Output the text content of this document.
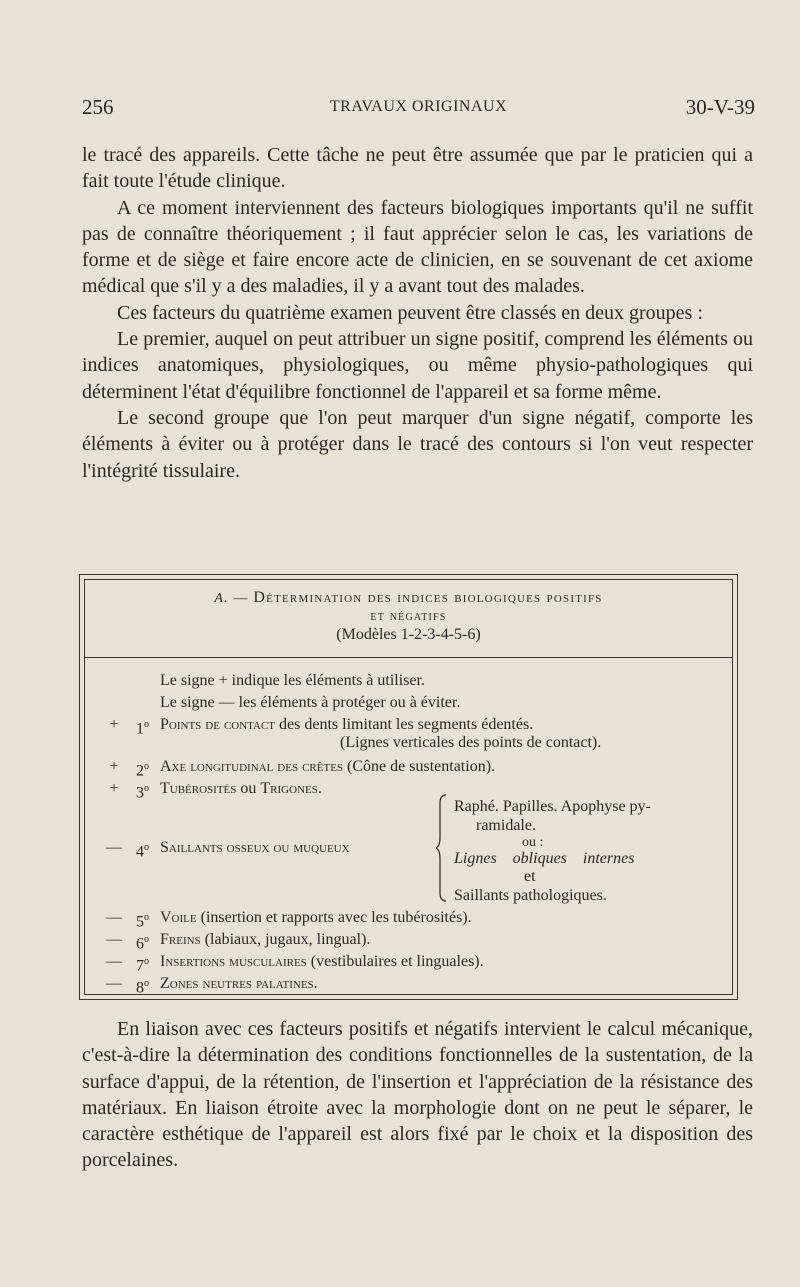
256	TRAVAUX ORIGINAUX	30-V-39

le tracé des appareils. Cette tâche ne peut être assumée que par le praticien qui a fait toute l'étude clinique.

A ce moment interviennent des facteurs biologiques importants qu'il ne suffit pas de connaître théoriquement ; il faut apprécier selon le cas, les variations de forme et de siège et faire encore acte de clinicien, en se souvenant de cet axiome médical que s'il y a des maladies, il y a avant tout des malades.

Ces facteurs du quatrième examen peuvent être classés en deux groupes :

Le premier, auquel on peut attribuer un signe positif, comprend les éléments ou indices anatomiques, physiologiques, ou même physio-pathologiques qui déterminent l'état d'équilibre fonctionnel de l'appareil et sa forme même.

Le second groupe que l'on peut marquer d'un signe négatif, comporte les éléments à éviter ou à protéger dans le tracé des contours si l'on veut respecter l'intégrité tissulaire.

A. — Détermination des indices biologiques positifs
et négatifs
(Modèles 1-2-3-4-5-6)
Le signe + indique les éléments à utiliser.
Le signe — les éléments à protéger ou à éviter.
+	$1^o$ Points de contact des dents limitant les segments édentés.
(Lignes verticales des points de contact).
+	$2^o$ Axe longitudinal des crêtes (Cône de sustentation).
+	$3^o$ Tubérosités ou Trigones.
— 4$^o$ Saillants osseux ou muqueux
Raphé. Papilles. Apophyse py-
ramidale.
ou :
Lignes obliques internes
et
Saillants pathologiques.
— 5$^o$ Voile (insertion et rapports avec les tubérosités).
— 6$^o$ Freins (labiaux, jugaux, lingual).
— 7$^o$ Insertions musculaires (vestibulaires et linguales).
— 8$^o$ Zones neutres palatines.

En liaison avec ces facteurs positifs et négatifs intervient le calcul mécanique, c'est-à-dire la détermination des conditions fonctionnelles de la sustentation, de la surface d'appui, de la rétention, de l'insertion et l'appréciation de la résistance des matériaux. En liaison étroite avec la morphologie dont on ne peut le séparer, le caractère esthétique de l'appareil est alors fixé par le choix et la disposition des porcelaines.
